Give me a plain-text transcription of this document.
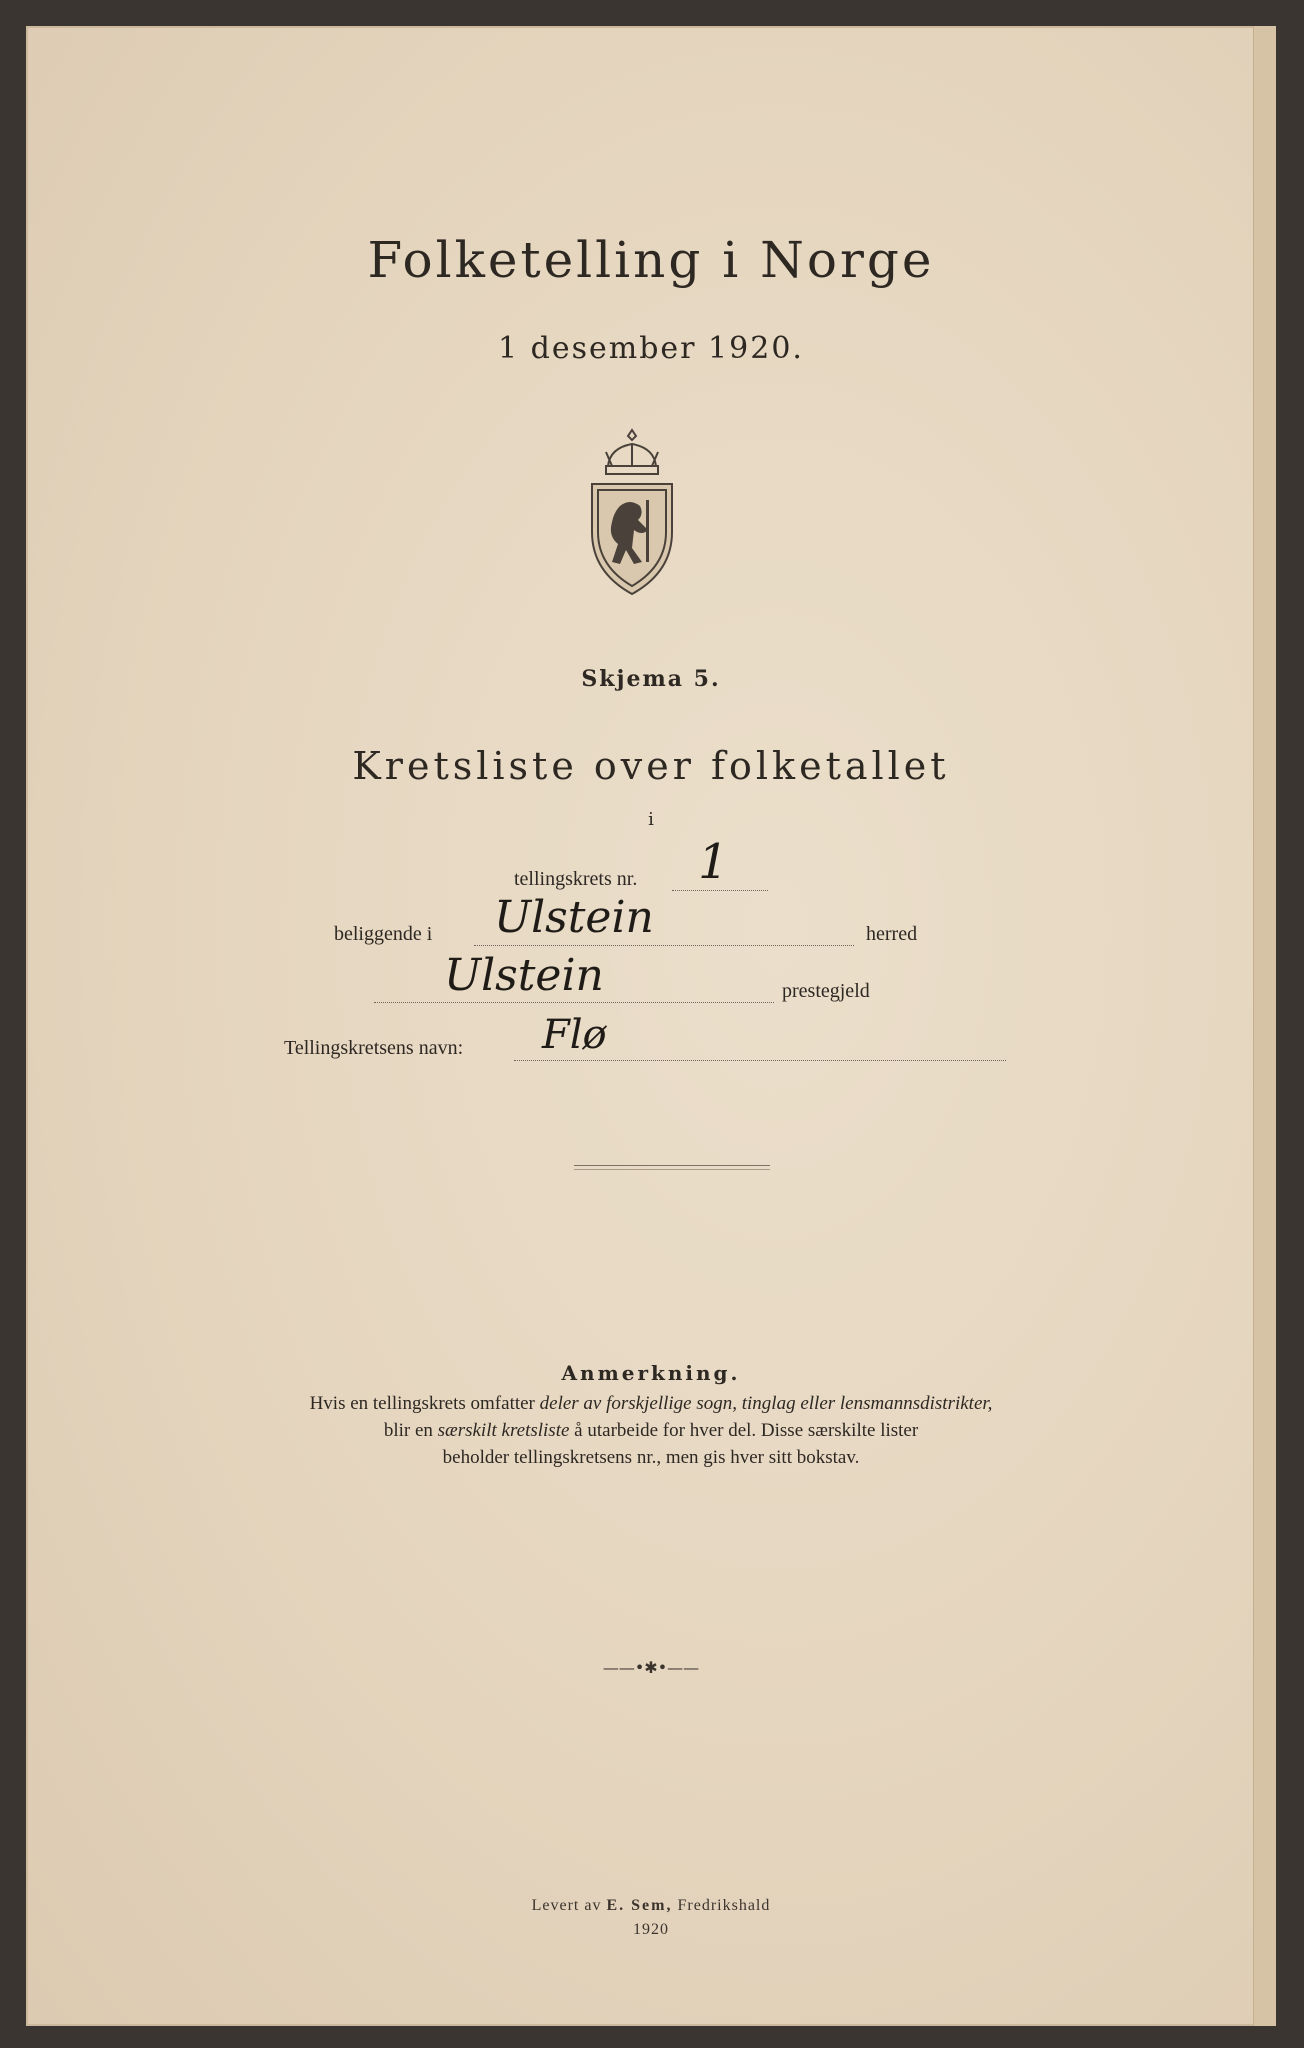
Folketelling i Norge
1 desember 1920.
Skjema 5.
Kretsliste over folketallet
i
tellingskrets nr. 1
beliggende i Ulstein	herred
Ulstein	prestegjeld
Tellingskretsens navn: Flø
Anmerkning.
Hvis en tellingskrets omfatter deler av forskjellige sogn, tinglag eller lensmannsdistrikter,
blir en særskilt kretsliste å utarbeide for hver del. Disse særskilte lister
beholder tellingskretsens nr., men gis hver sitt bokstav.
——•✱•——
Levert av E. Sem, Fredrikshald
1920
